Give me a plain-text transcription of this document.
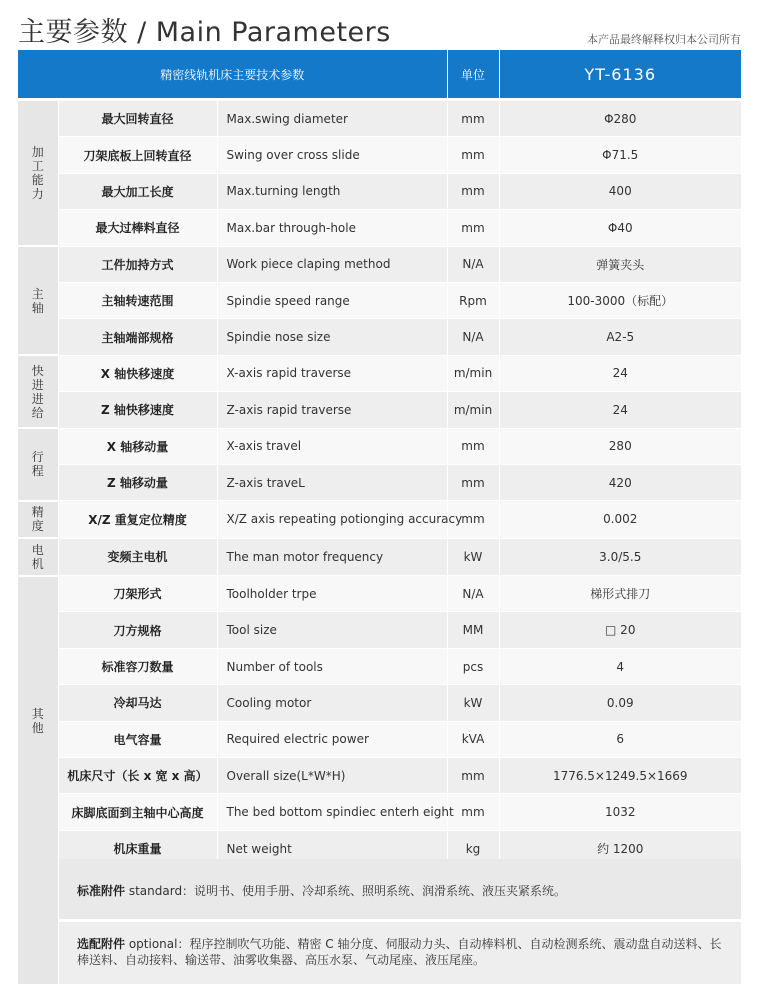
主要参数 / Main Parameters	本产品最终解释权归本公司所有
精密线轨机床主要技术参数			单位	YT-6136

加工能力	最大回转直径	Max.swing diameter	mm	Φ280
	刀架底板上回转直径	Swing over cross slide	mm	Φ71.5
	最大加工长度	Max.turning length	mm	400
	最大过棒料直径	Max.bar through-hole	mm	Φ40
主轴	工件加持方式	Work piece claping method	N/A	弹簧夹头
	主轴转速范围	Spindie speed range	Rpm	100-3000（标配）
	主轴端部规格	Spindie nose size	N/A	A2-5
快进进给	X 轴快移速度	X-axis rapid traverse	m/min	24
	Z 轴快移速度	Z-axis rapid traverse	m/min	24
行程	X 轴移动量	X-axis travel	mm	280
	Z 轴移动量	Z-axis traveL	mm	420
精度	X/Z 重复定位精度	X/Z axis repeating potionging accuracy	mm	0.002
电机	变频主电机	The man motor frequency	kW	3.0/5.5
其他	刀架形式	Toolholder trpe	N/A	梯形式排刀
	刀方规格	Tool size	MM	□ 20
	标准容刀数量	Number of tools	pcs	4
	冷却马达	Cooling motor	kW	0.09
	电气容量	Required electric power	kVA	6
	机床尺寸（长 x 宽 x 高）	Overall size(L*W*H)	mm	1776.5×1249.5×1669
	床脚底面到主轴中心高度	The bed bottom spindiec enterh eight	mm	1032
	机床重量	Net weight	kg	约 1200
标准附件 standard：说明书、使用手册、冷却系统、照明系统、润滑系统、液压夹紧系统。
选配附件 optional：程序控制吹气功能、精密 C 轴分度、伺服动力头、自动棒料机、自动检测系统、震动盘自动送料、长棒送料、自动接料、输送带、油雾收集器、高压水泵、气动尾座、液压尾座。
